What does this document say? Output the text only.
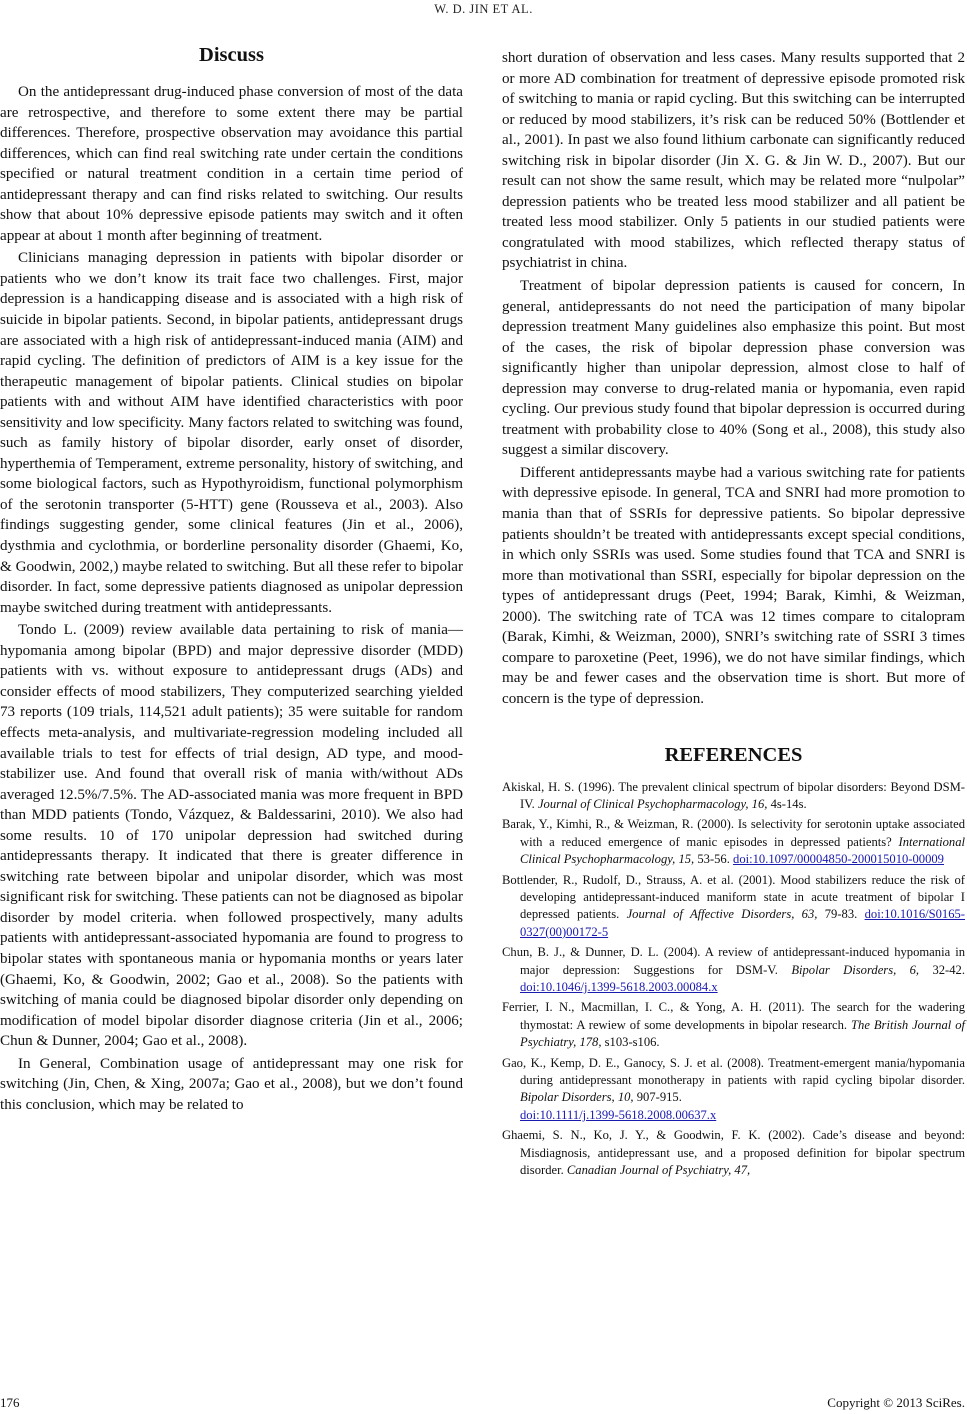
W. D. JIN ET AL.

Discuss

On the antidepressant drug-induced phase conversion of most of the data are retrospective, and therefore to some extent there may be partial differences. Therefore, prospective observation may avoidance this partial differences, which can find real switching rate under certain the conditions specified or natural treatment condition in a certain time period of antidepressant therapy and can find risks related to switching. Our results show that about 10% depressive episode patients may switch and it often appear at about 1 month after beginning of treatment.

Clinicians managing depression in patients with bipolar disorder or patients who we don’t know its trait face two challenges. First, major depression is a handicapping disease and is associated with a high risk of suicide in bipolar patients. Second, in bipolar patients, antidepressant drugs are associated with a high risk of antidepressant-induced mania (AIM) and rapid cycling. The definition of predictors of AIM is a key issue for the therapeutic management of bipolar patients. Clinical studies on bipolar patients with and without AIM have identified characteristics with poor sensitivity and low specificity. Many factors related to switching was found, such as family history of bipolar disorder, early onset of disorder, hyperthemia of Temperament, extreme personality, history of switching, and some biological factors, such as Hypothyroidism, functional polymorphism of the serotonin transporter (5-HTT) gene (Rousseva et al., 2003). Also findings suggesting gender, some clinical features (Jin et al., 2006), dysthmia and cyclothmia, or borderline personality disorder (Ghaemi, Ko, & Goodwin, 2002,) maybe related to switching. But all these refer to bipolar disorder. In fact, some depressive patients diagnosed as unipolar depression maybe switched during treatment with antidepressants.

Tondo L. (2009) review available data pertaining to risk of mania—hypomania among bipolar (BPD) and major depressive disorder (MDD) patients with vs. without exposure to antidepressant drugs (ADs) and consider effects of mood stabilizers, They computerized searching yielded 73 reports (109 trials, 114,521 adult patients); 35 were suitable for random effects meta-analysis, and multivariate-regression modeling included all available trials to test for effects of trial design, AD type, and mood-stabilizer use. And found that overall risk of mania with/without ADs averaged 12.5%/7.5%. The AD-associated mania was more frequent in BPD than MDD patients (Tondo, Vázquez, & Baldessarini, 2010). We also had some results. 10 of 170 unipolar depression had switched during antidepressants therapy. It indicated that there is greater difference in switching rate between bipolar and unipolar disorder, which was most significant risk for switching. These patients can not be diagnosed as bipolar disorder by model criteria. when followed prospectively, many adults patients with antidepressant-associated hypomania are found to progress to bipolar states with spontaneous mania or hypomania months or years later (Ghaemi, Ko, & Goodwin, 2002; Gao et al., 2008). So the patients with switching of mania could be diagnosed bipolar disorder only depending on modification of model bipolar disorder diagnose criteria (Jin et al., 2006; Chun & Dunner, 2004; Gao et al., 2008).

In General, Combination usage of antidepressant may one risk for switching (Jin, Chen, & Xing, 2007a; Gao et al., 2008), but we don’t found this conclusion, which may be related to

short duration of observation and less cases. Many results supported that 2 or more AD combination for treatment of depressive episode promoted risk of switching to mania or rapid cycling. But this switching can be interrupted or reduced by mood stabilizers, it’s risk can be reduced 50% (Bottlender et al., 2001). In past we also found lithium carbonate can significantly reduced switching risk in bipolar disorder (Jin X. G. & Jin W. D., 2007). But our result can not show the same result, which may be related more “nulpolar” depression patients who be treated less mood stabilizer and all patient be treated less mood stabilizer. Only 5 patients in our studied patients were congratulated with mood stabilizes, which reflected therapy status of psychiatrist in china.

Treatment of bipolar depression patients is caused for concern, In general, antidepressants do not need the participation of many bipolar depression treatment Many guidelines also emphasize this point. But most of the cases, the risk of bipolar depression phase conversion was significantly higher than unipolar depression, almost close to half of depression may converse to drug-related mania or hypomania, even rapid cycling. Our previous study found that bipolar depression is occurred during treatment with probability close to 40% (Song et al., 2008), this study also suggest a similar discovery.

Different antidepressants maybe had a various switching rate for patients with depressive episode. In general, TCA and SNRI had more promotion to mania than that of SSRIs for depressive patients. So bipolar depressive patients shouldn’t be treated with antidepressants except special conditions, in which only SSRIs was used. Some studies found that TCA and SNRI is more than motivational than SSRI, especially for bipolar depression on the types of antidepressant drugs (Peet, 1994; Barak, Kimhi, & Weizman, 2000). The switching rate of TCA was 12 times compare to citalopram (Barak, Kimhi, & Weizman, 2000), SNRI’s switching rate of SSRI 3 times compare to paroxetine (Peet, 1996), we do not have similar findings, which may be and fewer cases and the observation time is short. But more of concern is the type of depression.

REFERENCES

Akiskal, H. S. (1996). The prevalent clinical spectrum of bipolar disorders: Beyond DSM-IV. Journal of Clinical Psychopharmacology, 16, 4s-14s.

Barak, Y., Kimhi, R., & Weizman, R. (2000). Is selectivity for serotonin uptake associated with a reduced emergence of manic episodes in depressed patients? International Clinical Psychopharmacology, 15, 53-56. doi:10.1097/00004850-200015010-00009

Bottlender, R., Rudolf, D., Strauss, A. et al. (2001). Mood stabilizers reduce the risk of developing antidepressant-induced maniform state in acute treatment of bipolar I depressed patients. Journal of Affective Disorders, 63, 79-83. doi:10.1016/S0165-0327(00)00172-5

Chun, B. J., & Dunner, D. L. (2004). A review of antidepressant-induced hypomania in major depression: Suggestions for DSM-V. Bipolar Disorders, 6, 32-42. doi:10.1046/j.1399-5618.2003.00084.x

Ferrier, I. N., Macmillan, I. C., & Yong, A. H. (2011). The search for the wadering thymostat: A rewiew of some developments in bipolar research. The British Journal of Psychiatry, 178, s103-s106.

Gao, K., Kemp, D. E., Ganocy, S. J. et al. (2008). Treatment-emergent mania/hypomania during antidepressant monotherapy in patients with rapid cycling bipolar disorder. Bipolar Disorders, 10, 907-915.
doi:10.1111/j.1399-5618.2008.00637.x

Ghaemi, S. N., Ko, J. Y., & Goodwin, F. K. (2002). Cade’s disease and beyond: Misdiagnosis, antidepressant use, and a proposed definition for bipolar spectrum disorder. Canadian Journal of Psychiatry, 47,

176	Copyright © 2013 SciRes.
